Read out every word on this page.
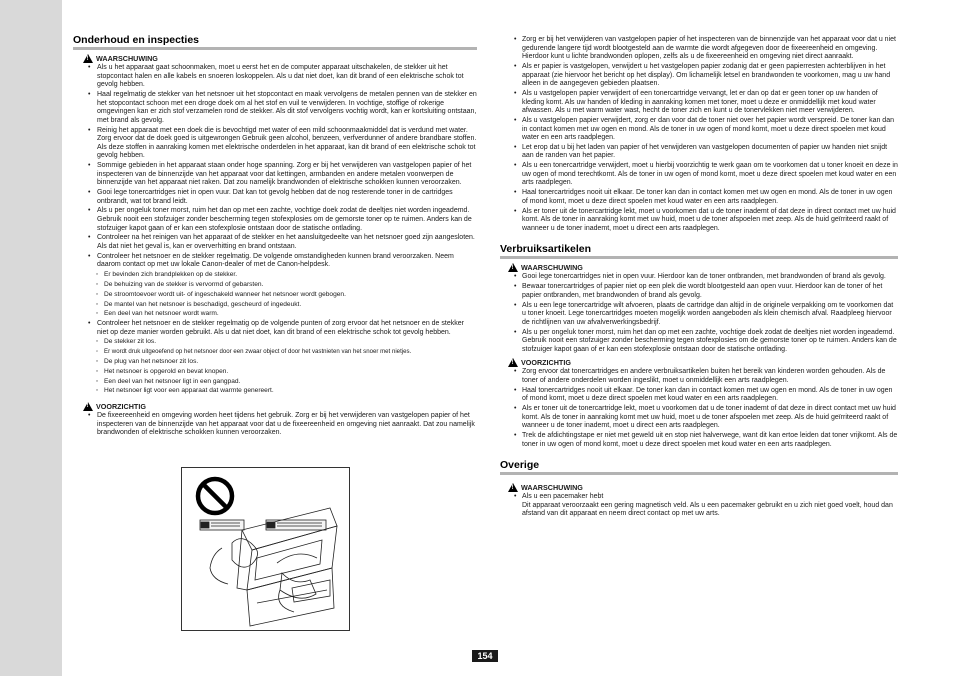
Onderhoud en inspecties
!
WAARSCHUWING
• Als u het apparaat gaat schoonmaken, moet u eerst het en de computer apparaat uitschakelen, de stekker uit het stopcontact halen en alle kabels en snoeren loskoppelen. Als u dat niet doet, kan dit brand of een elektrische schok tot gevolg hebben.
• Haal regelmatig de stekker van het netsnoer uit het stopcontact en maak vervolgens de metalen pennen van de stekker en het stopcontact schoon met een droge doek om al het stof en vuil te verwijderen. In vochtige, stoffige of rokerige omgevingen kan er zich stof verzamelen rond de stekker. Als dit stof vervolgens vochtig wordt, kan er kortsluiting ontstaan, met brand als gevolg.
• Reinig het apparaat met een doek die is bevochtigd met water of een mild schoonmaakmiddel dat is verdund met water. Zorg ervoor dat de doek goed is uitgewrongen Gebruik geen alcohol, benzeen, verfverdunner of andere brandbare stoffen. Als deze stoffen in aanraking komen met elektrische onderdelen in het apparaat, kan dit brand of een elektrische schok tot gevolg hebben.
• Sommige gebieden in het apparaat staan onder hoge spanning. Zorg er bij het verwijderen van vastgelopen papier of het inspecteren van de binnenzijde van het apparaat voor dat kettingen, armbanden en andere metalen voorwerpen de binnenzijde van het apparaat niet raken. Dat zou namelijk brandwonden of elektrische schokken kunnen veroorzaken.
• Gooi lege tonercartridges niet in open vuur. Dat kan tot gevolg hebben dat de nog resterende toner in de cartridges ontbrandt, wat tot brand leidt.
• Als u per ongeluk toner morst, ruim het dan op met een zachte, vochtige doek zodat de deeltjes niet worden ingeademd.
Gebruik nooit een stofzuiger zonder bescherming tegen stofexplosies om de gemorste toner op te ruimen. Anders kan de stofzuiger kapot gaan of er kan een stofexplosie ontstaan door de statische ontlading.
• Controleer na het reinigen van het apparaat of de stekker en het aansluitgedeelte van het netsnoer goed zijn aangesloten. Als dat niet het geval is, kan er oververhitting en brand ontstaan.
• Controleer het netsnoer en de stekker regelmatig. De volgende omstandigheden kunnen brand veroorzaken. Neem daarom contact op met uw lokale Canon-dealer of met de Canon-helpdesk.
◦ Er bevinden zich brandplekken op de stekker.
◦ De behuizing van de stekker is vervormd of gebarsten.
◦ De stroomtoevoer wordt uit- of ingeschakeld wanneer het netsnoer wordt gebogen.
◦ De mantel van het netsnoer is beschadigd, gescheurd of ingedeukt.
◦ Een deel van het netsnoer wordt warm.
• Controleer het netsnoer en de stekker regelmatig op de volgende punten of zorg ervoor dat het netsnoer en de stekker niet op deze manier worden gebruikt. Als u dat niet doet, kan dit brand of een elektrische schok tot gevolg hebben.
◦ De stekker zit los.
◦ Er wordt druk uitgeoefend op het netsnoer door een zwaar object of door het vastnieten van het snoer met nietjes.
◦ De plug van het netsnoer zit los.
◦ Het netsnoer is opgerold en bevat knopen.
◦ Een deel van het netsnoer ligt in een gangpad.
◦ Het netsnoer ligt voor een apparaat dat warmte genereert.
!
VOORZICHTIG
• De fixeereenheid en omgeving worden heet tijdens het gebruik. Zorg er bij het verwijderen van vastgelopen papier of het inspecteren van de binnenzijde van het apparaat voor dat u de fixeereenheid en omgeving niet aanraakt. Dat zou namelijk brandwonden of elektrische schokken kunnen veroorzaken.
• Zorg er bij het verwijderen van vastgelopen papier of het inspecteren van de binnenzijde van het apparaat voor dat u niet gedurende langere tijd wordt blootgesteld aan de warmte die wordt afgegeven door de fixeereenheid en omgeving. Hierdoor kunt u lichte brandwonden oplopen, zelfs als u de fixeereenheid en omgeving niet direct aanraakt.
• Als er papier is vastgelopen, verwijdert u het vastgelopen papier zodanig dat er geen papierresten achterblijven in het apparaat (zie hiervoor het bericht op het display). Om lichamelijk letsel en brandwonden te voorkomen, mag u uw hand alleen in de aangegeven gebieden plaatsen.
• Als u vastgelopen papier verwijdert of een tonercartridge vervangt, let er dan op dat er geen toner op uw handen of kleding komt. Als uw handen of kleding in aanraking komen met toner, moet u deze er onmiddellijk met koud water afwassen. Als u met warm water wast, hecht de toner zich en kunt u de tonervlekken niet meer verwijderen.
• Als u vastgelopen papier verwijdert, zorg er dan voor dat de toner niet over het papier wordt verspreid. De toner kan dan in contact komen met uw ogen en mond. Als de toner in uw ogen of mond komt, moet u deze direct spoelen met koud water en een arts raadplegen.
• Let erop dat u bij het laden van papier of het verwijderen van vastgelopen documenten of papier uw handen niet snijdt aan de randen van het papier.
• Als u een tonercartridge verwijdert, moet u hierbij voorzichtig te werk gaan om te voorkomen dat u toner knoeit en deze in uw ogen of mond terechtkomt. Als de toner in uw ogen of mond komt, moet u deze direct spoelen met koud water en een arts raadplegen.
• Haal tonercartridges nooit uit elkaar. De toner kan dan in contact komen met uw ogen en mond. Als de toner in uw ogen of mond komt, moet u deze direct spoelen met koud water en een arts raadplegen.
• Als er toner uit de tonercartridge lekt, moet u voorkomen dat u de toner inademt of dat deze in direct contact met uw huid komt. Als de toner in aanraking komt met uw huid, moet u de toner afspoelen met zeep. Als de huid geïrriteerd raakt of wanneer u de toner inademt, moet u direct een arts raadplegen.
Verbruiksartikelen
!
WAARSCHUWING
• Gooi lege tonercartridges niet in open vuur. Hierdoor kan de toner ontbranden, met brandwonden of brand als gevolg.
• Bewaar tonercartridges of papier niet op een plek die wordt blootgesteld aan open vuur. Hierdoor kan de toner of het papier ontbranden, met brandwonden of brand als gevolg.
• Als u een lege tonercartridge wilt afvoeren, plaats de cartridge dan altijd in de originele verpakking om te voorkomen dat u toner knoeit. Lege tonercartridges moeten mogelijk worden aangeboden als klein chemisch afval. Raadpleeg hiervoor de richtlijnen van uw afvalverwerkingsbedrijf.
• Als u per ongeluk toner morst, ruim het dan op met een zachte, vochtige doek zodat de deeltjes niet worden ingeademd.
Gebruik nooit een stofzuiger zonder bescherming tegen stofexplosies om de gemorste toner op te ruimen. Anders kan de stofzuiger kapot gaan of er kan een stofexplosie ontstaan door de statische ontlading.
!
VOORZICHTIG
• Zorg ervoor dat tonercartridges en andere verbruiksartikelen buiten het bereik van kinderen worden gehouden. Als de toner of andere onderdelen worden ingeslikt, moet u onmiddellijk een arts raadplegen.
• Haal tonercartridges nooit uit elkaar. De toner kan dan in contact komen met uw ogen en mond. Als de toner in uw ogen of mond komt, moet u deze direct spoelen met koud water en een arts raadplegen.
• Als er toner uit de tonercartridge lekt, moet u voorkomen dat u de toner inademt of dat deze in direct contact met uw huid komt. Als de toner in aanraking komt met uw huid, moet u de toner afspoelen met zeep. Als de huid geïrriteerd raakt of wanneer u de toner inademt, moet u direct een arts raadplegen.
• Trek de afdichtingstape er niet met geweld uit en stop niet halverwege, want dit kan ertoe leiden dat toner vrijkomt. Als de toner in uw ogen of mond komt, moet u deze direct spoelen met koud water en een arts raadplegen.
Overige
!
WAARSCHUWING
• Als u een pacemaker hebt
Dit apparaat veroorzaakt een gering magnetisch veld. Als u een pacemaker gebruikt en u zich niet goed voelt, houd dan afstand van dit apparaat en neem direct contact op met uw arts.
154
